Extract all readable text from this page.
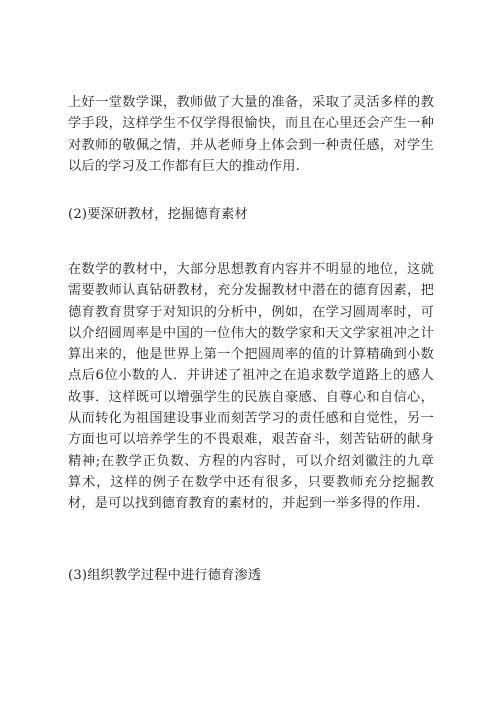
上好一堂数学课，教师做了大量的准备，采取了灵活多样的教学手段，这样学生不仅学得很愉快，而且在心里还会产生一种对教师的敬佩之情，并从老师身上体会到一种责任感，对学生以后的学习及工作都有巨大的推动作用.

(2)要深研教材，挖掘德育素材

在数学的教材中，大部分思想教育内容并不明显的地位，这就需要教师认真钻研教材，充分发掘教材中潜在的德育因素，把德育教育贯穿于对知识的分析中，例如，在学习圆周率时，可以介绍圆周率是中国的一位伟大的数学家和天文学家祖冲之计算出来的，他是世界上第一个把圆周率的值的计算精确到小数点后6位小数的人．并讲述了祖冲之在追求数学道路上的感人故事．这样既可以增强学生的民族自豪感、自尊心和自信心，从而转化为祖国建设事业而刻苦学习的责任感和自觉性，另一方面也可以培养学生的不畏艰难，艰苦奋斗，刻苦钻研的献身精神;在教学正负数、方程的内容时，可以介绍刘徽注的九章算术，这样的例子在数学中还有很多，只要教师充分挖掘教材，是可以找到德育教育的素材的，并起到一举多得的作用.

(3)组织教学过程中进行德育渗透
